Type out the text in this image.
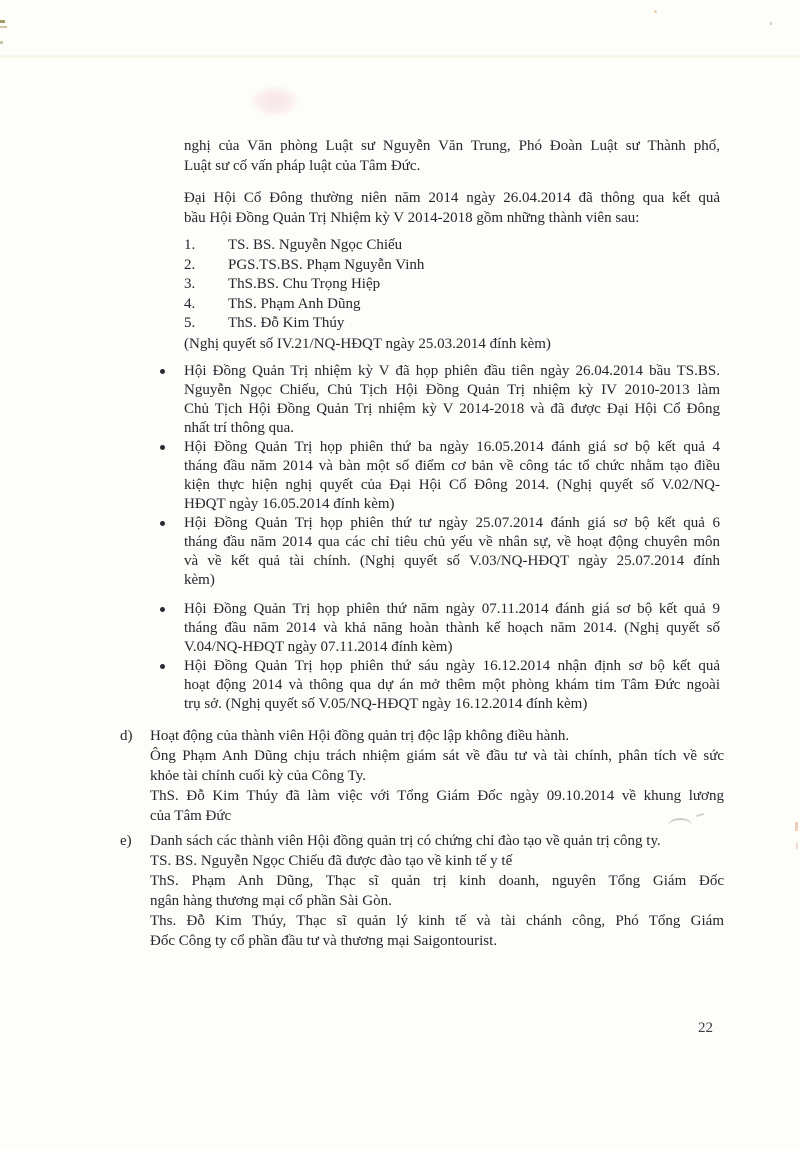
nghị của Văn phòng Luật sư Nguyễn Văn Trung, Phó Đoàn Luật sư Thành phố,
Luật sư cố vấn pháp luật của Tâm Đức.
Đại Hội Cổ Đông thường niên năm 2014 ngày 26.04.2014 đã thông qua kết quả
bầu Hội Đồng Quản Trị Nhiệm kỳ V 2014-2018 gồm những thành viên sau:
1.	TS. BS. Nguyễn Ngọc Chiếu
2.	PGS.TS.BS. Phạm Nguyễn Vinh
3.	ThS.BS. Chu Trọng Hiệp
4.	ThS. Phạm Anh Dũng
5.	ThS. Đỗ Kim Thúy
(Nghị quyết số IV.21/NQ-HĐQT ngày 25.03.2014 đính kèm)
Hội Đồng Quản Trị nhiệm kỳ V đã họp phiên đầu tiên ngày 26.04.2014 bầu TS.BS.
Nguyễn Ngọc Chiếu, Chủ Tịch Hội Đồng Quản Trị nhiệm kỳ IV 2010-2013 làm
Chủ Tịch Hội Đồng Quản Trị nhiệm kỳ V 2014-2018 và đã được Đại Hội Cổ Đông
nhất trí thông qua.
Hội Đồng Quản Trị họp phiên thứ ba ngày 16.05.2014 đánh giá sơ bộ kết quả 4
tháng đầu năm 2014 và bàn một số điểm cơ bản về công tác tổ chức nhằm tạo điều
kiện thực hiện nghị quyết của Đại Hội Cổ Đông 2014. (Nghị quyết số V.02/NQ-
HĐQT ngày 16.05.2014 đính kèm)
Hội Đồng Quản Trị họp phiên thứ tư ngày 25.07.2014 đánh giá sơ bộ kết quả 6
tháng đầu năm 2014 qua các chỉ tiêu chủ yếu về nhân sự, về hoạt động chuyên môn
và về kết quả tài chính. (Nghị quyết số V.03/NQ-HĐQT ngày 25.07.2014 đính
kèm)
Hội Đồng Quản Trị họp phiên thứ năm ngày 07.11.2014 đánh giá sơ bộ kết quả 9
tháng đầu năm 2014 và khả năng hoàn thành kế hoạch năm 2014. (Nghị quyết số
V.04/NQ-HĐQT ngày 07.11.2014 đính kèm)
Hội Đồng Quản Trị họp phiên thứ sáu ngày 16.12.2014 nhận định sơ bộ kết quả
hoạt động 2014 và thông qua dự án mở thêm một phòng khám tim Tâm Đức ngoài
trụ sở. (Nghị quyết số V.05/NQ-HĐQT ngày 16.12.2014 đính kèm)
d)	Hoạt động của thành viên Hội đồng quản trị độc lập không điều hành.
Ông Phạm Anh Dũng chịu trách nhiệm giám sát về đầu tư và tài chính, phân tích về sức
khỏe tài chính cuối kỳ của Công Ty.
ThS. Đỗ Kim Thúy đã làm việc với Tổng Giám Đốc ngày 09.10.2014 về khung lương
của Tâm Đức
e)	Danh sách các thành viên Hội đồng quản trị có chứng chỉ đào tạo về quản trị công ty.
TS. BS. Nguyễn Ngọc Chiếu đã được đào tạo về kinh tế y tế
ThS. Phạm Anh Dũng, Thạc sĩ quản trị kinh doanh, nguyên Tổng Giám Đốc
ngân hàng thương mại cổ phần Sài Gòn.
Ths. Đỗ Kim Thúy, Thạc sĩ quản lý kinh tế và tài chánh công, Phó Tổng Giám
Đốc Công ty cổ phần đầu tư và thương mại Saigontourist.
22
